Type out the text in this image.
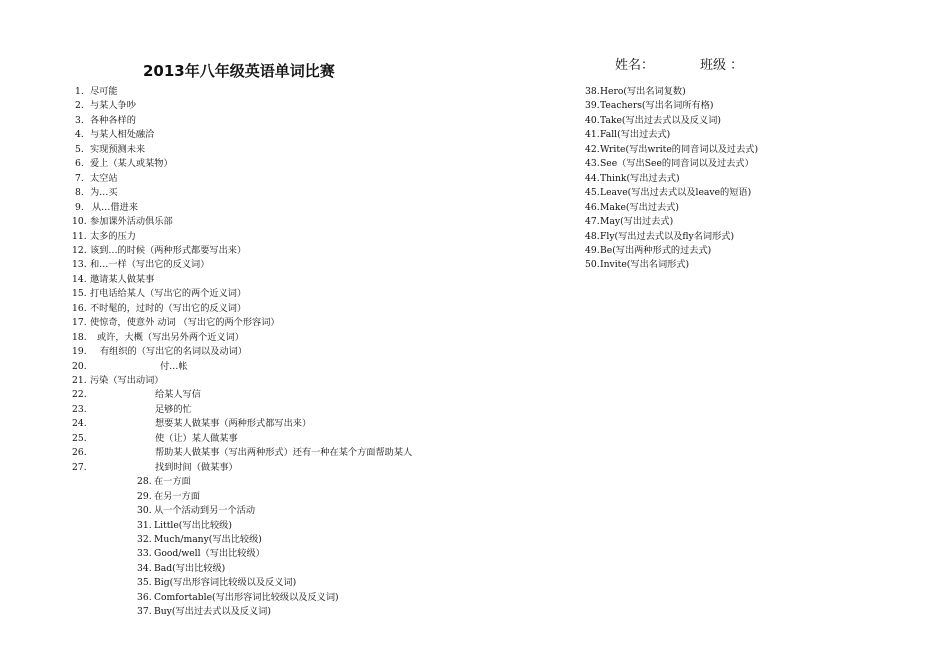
2013年八年级英语单词比赛	姓名：	班级 ：
1. 尽可能
2. 与某人争吵
3. 各种各样的
4. 与某人相处融洽
5. 实现预测未来
6. 爱上（某人或某物）
7. 太空站
8. 为…买
9. 从…借进来
10. 参加课外活动俱乐部
11. 太多的压力
12. 该到…的时候（两种形式都要写出来）
13. 和…一样（写出它的反义词）
14. 邀请某人做某事
15. 打电话给某人（写出它的两个近义词）
16. 不时髦的，过时的（写出它的反义词）
17. 使惊奇，使意外 动词 （写出它的两个形容词）
18. 或许，大概（写出另外两个近义词）
19. 有组织的（写出它的名词以及动词）
20.	付…帐
21. 污染（写出动词）
22.	给某人写信
23.	足够的忙
24.	想要某人做某事（两种形式都写出来）
25.	使（让）某人做某事
26.	帮助某人做某事（写出两种形式）还有一种在某个方面帮助某人
27.	找到时间（做某事）
28. 在一方面
29. 在另一方面
30. 从一个活动到另一个活动
31. Little(写出比较级)
32. Much/many(写出比较级)
33. Good/well（写出比较级）
34. Bad(写出比较级)
35. Big(写出形容词比较级以及反义词)
36. Comfortable(写出形容词比较级以及反义词)
37. Buy(写出过去式以及反义词)
38. Hero(写出名词复数)
39. Teachers(写出名词所有格)
40. Take(写出过去式以及反义词)
41. Fall(写出过去式)
42. Write(写出write的同音词以及过去式)
43. See（写出See的同音词以及过去式）
44. Think(写出过去式)
45. Leave(写出过去式以及leave的短语)
46. Make(写出过去式)
47. May(写出过去式)
48. Fly(写出过去式以及fly名词形式)
49. Be(写出两种形式的过去式)
50. Invite(写出名词形式)
